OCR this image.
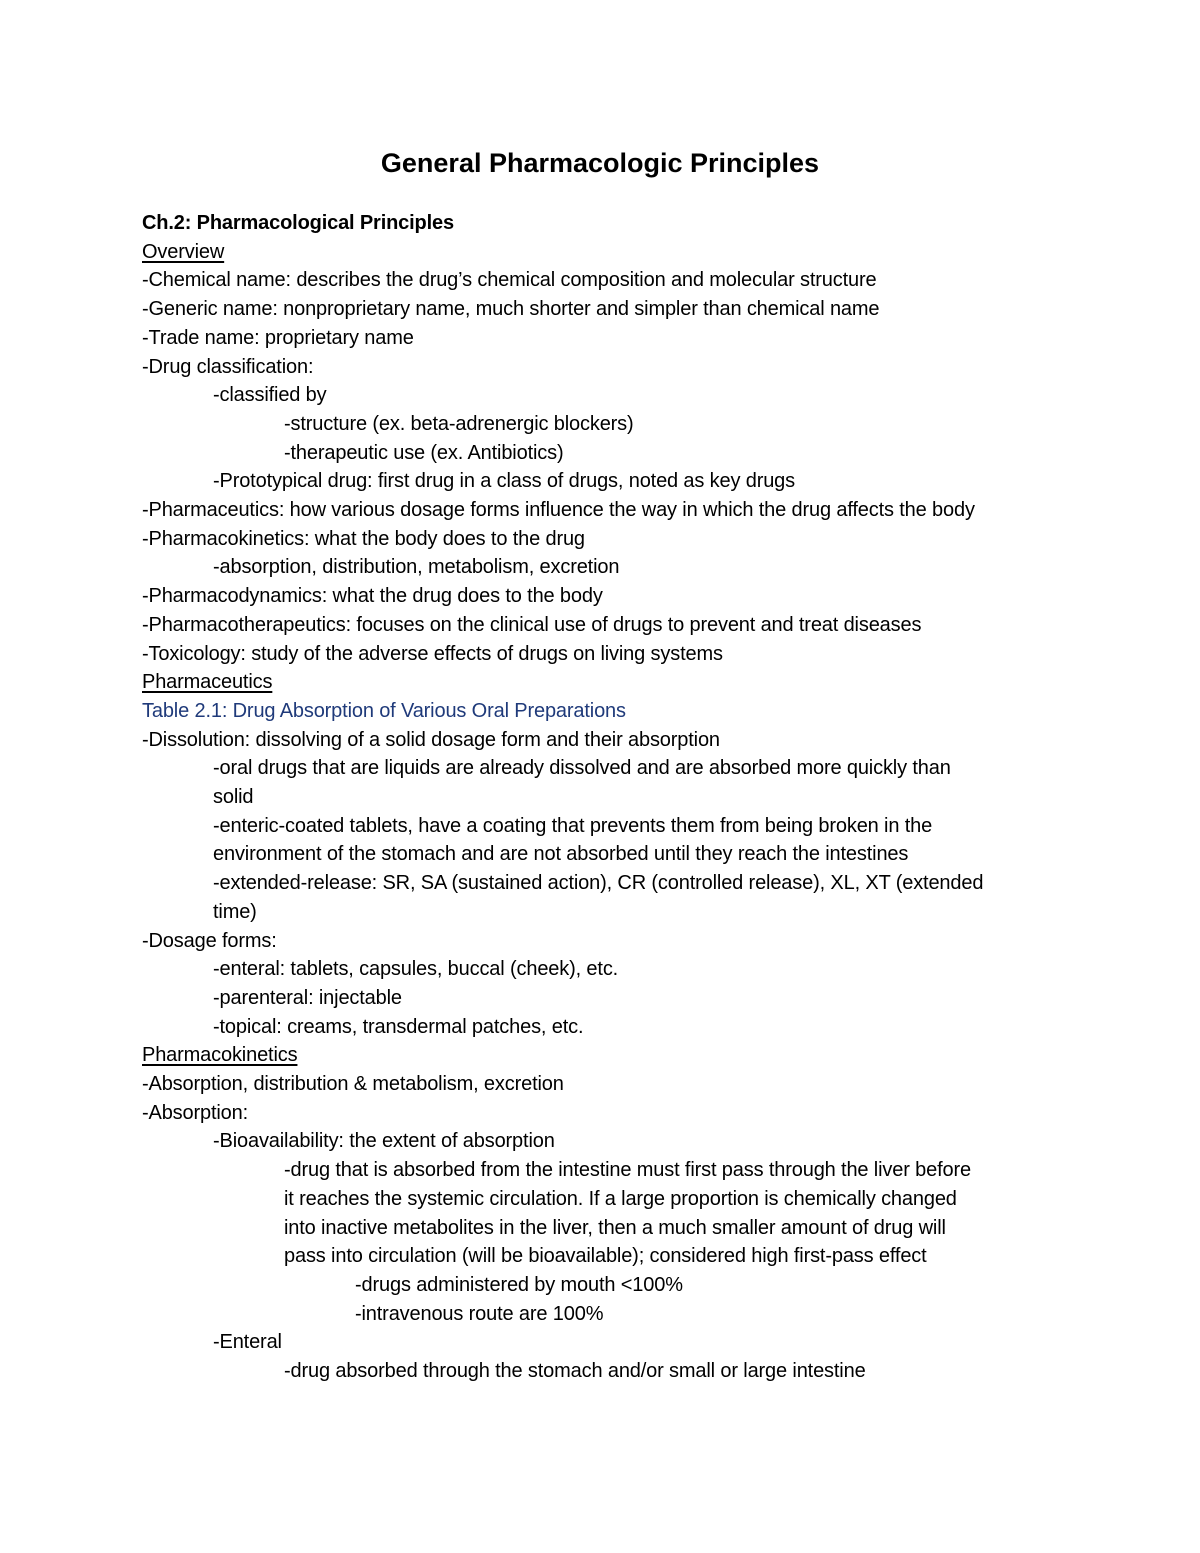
General Pharmacologic Principles
Ch.2: Pharmacological Principles
Overview
-Chemical name: describes the drug’s chemical composition and molecular structure
-Generic name: nonproprietary name, much shorter and simpler than chemical name
-Trade name: proprietary name
-Drug classification:
-classified by
-structure (ex. beta-adrenergic blockers)
-therapeutic use (ex. Antibiotics)
-Prototypical drug: first drug in a class of drugs, noted as key drugs
-Pharmaceutics: how various dosage forms influence the way in which the drug affects the body
-Pharmacokinetics: what the body does to the drug
-absorption, distribution, metabolism, excretion
-Pharmacodynamics: what the drug does to the body
-Pharmacotherapeutics: focuses on the clinical use of drugs to prevent and treat diseases
-Toxicology: study of the adverse effects of drugs on living systems
Pharmaceutics
Table 2.1: Drug Absorption of Various Oral Preparations
-Dissolution: dissolving of a solid dosage form and their absorption
-oral drugs that are liquids are already dissolved and are absorbed more quickly than
solid
-enteric-coated tablets, have a coating that prevents them from being broken in the
environment of the stomach and are not absorbed until they reach the intestines
-extended-release: SR, SA (sustained action), CR (controlled release), XL, XT (extended
time)
-Dosage forms:
-enteral: tablets, capsules, buccal (cheek), etc.
-parenteral: injectable
-topical: creams, transdermal patches, etc.
Pharmacokinetics
-Absorption, distribution & metabolism, excretion
-Absorption:
-Bioavailability: the extent of absorption
-drug that is absorbed from the intestine must first pass through the liver before
it reaches the systemic circulation. If a large proportion is chemically changed
into inactive metabolites in the liver, then a much smaller amount of drug will
pass into circulation (will be bioavailable); considered high first-pass effect
-drugs administered by mouth <100%
-intravenous route are 100%
-Enteral
-drug absorbed through the stomach and/or small or large intestine
